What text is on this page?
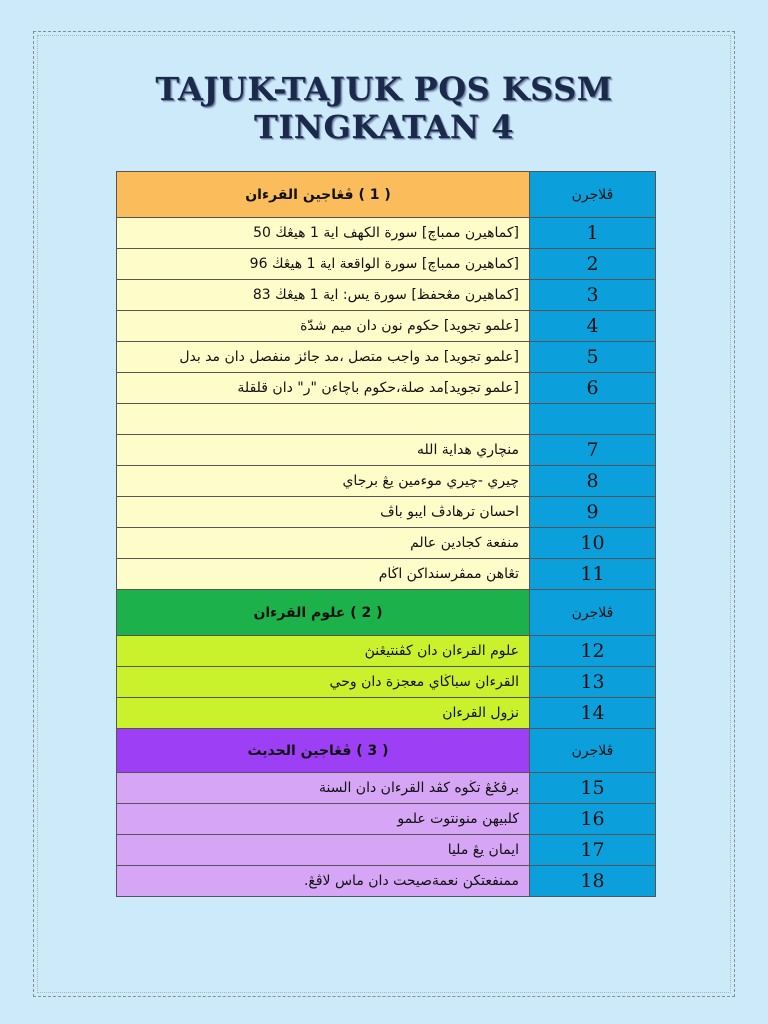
TAJUK-TAJUK PQS KSSM
TINGKATAN 4
( 1 ) ڤڠاجين القرءان	ڤلاجرن
[كماهيرن ممباچ] سورة الكهف اية 1 هيڠڬ 50	1
[كماهيرن ممباچ] سورة الواقعة اية 1 هيڠڬ 96	2
[كماهيرن مڠحفظ] سورة يس: اية 1 هيڠڬ 83	3
[علمو تجويد] حكوم نون دان ميم شدّة	4
[علمو تجويد] مد واجب متصل ،مد جائز منفصل دان مد بدل	5
[علمو تجويد]مد صلة،حكوم باچاءن "ر" دان قلقلة	6

منچاري هداية الله	7
چيري -چيري موءمين يڠ برجاي	8
احسان ترهادڤ ايبو باڤ	9
منفعة كجادين عالم	10
تڠاهن ممڤرسنداكن اڬام	11
( 2 ) علوم القرءان	ڤلاجرن
علوم القرءان دان كڤنتيڠنڽ	12
القرءان سباڬاي معجزة دان وحي	13
نزول القرءان	14
( 3 ) ڤڠاجين الحديث	ڤلاجرن
برڤݢڠ تڬوه كڤد القرءان دان السنة	15
كلبيهن منونتوت علمو	16
ايمان يڠ مليا	17
ممنفعتكن نعمةصيحت دان ماس لاڤڠ.	18
